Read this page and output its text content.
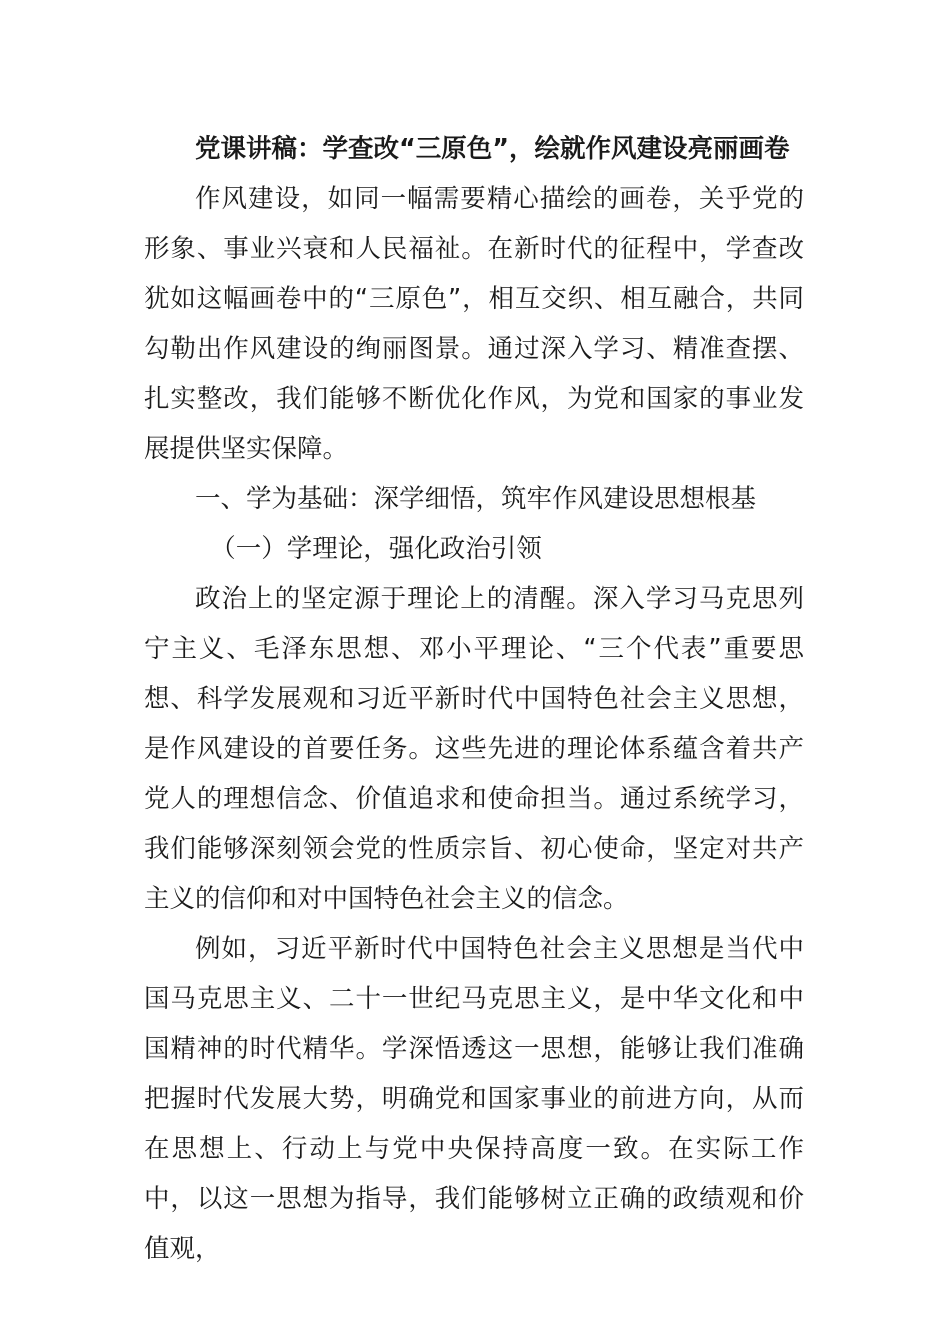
党课讲稿：学查改“三原色”，绘就作风建设亮丽画卷

作风建设，如同一幅需要精心描绘的画卷，关乎党的形象、事业兴衰和人民福祉。在新时代的征程中，学查改犹如这幅画卷中的“三原色”，相互交织、相互融合，共同勾勒出作风建设的绚丽图景。通过深入学习、精准查摆、扎实整改，我们能够不断优化作风，为党和国家的事业发展提供坚实保障。

一、学为基础：深学细悟，筑牢作风建设思想根基

（一）学理论，强化政治引领

政治上的坚定源于理论上的清醒。深入学习马克思列宁主义、毛泽东思想、邓小平理论、“三个代表”重要思想、科学发展观和习近平新时代中国特色社会主义思想，是作风建设的首要任务。这些先进的理论体系蕴含着共产党人的理想信念、价值追求和使命担当。通过系统学习，我们能够深刻领会党的性质宗旨、初心使命，坚定对共产主义的信仰和对中国特色社会主义的信念。

例如，习近平新时代中国特色社会主义思想是当代中国马克思主义、二十一世纪马克思主义，是中华文化和中国精神的时代精华。学深悟透这一思想，能够让我们准确把握时代发展大势，明确党和国家事业的前进方向，从而在思想上、行动上与党中央保持高度一致。在实际工作中，以这一思想为指导，我们能够树立正确的政绩观和价值观，
